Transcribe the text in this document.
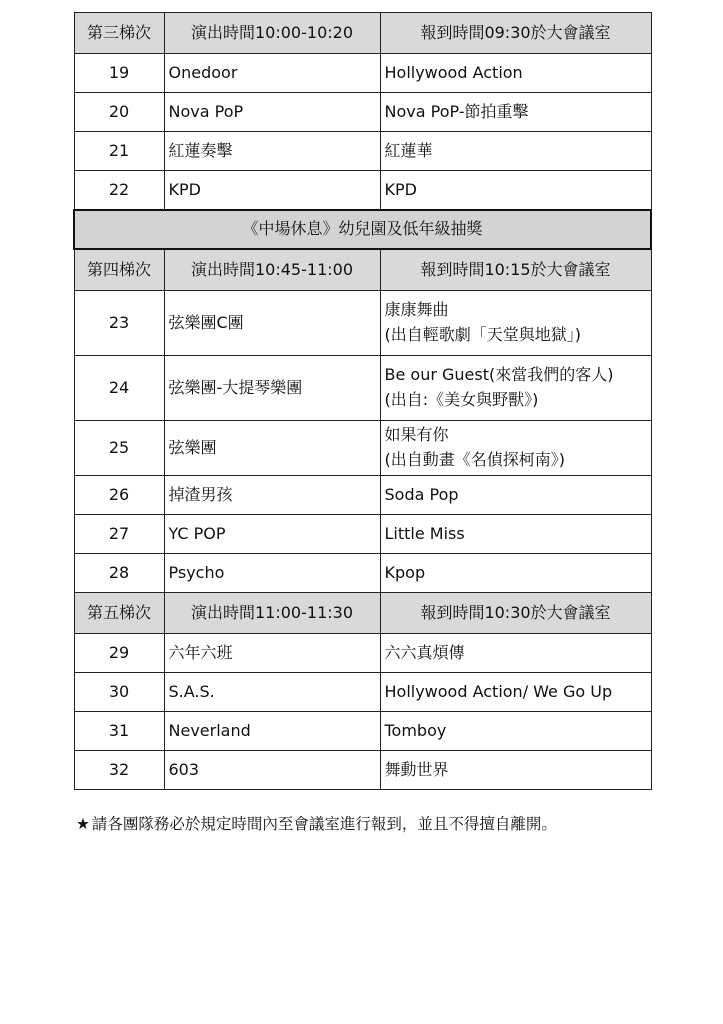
第三梯次	演出時間10:00-10:20	報到時間09:30於大會議室
19	Onedoor	Hollywood Action

20	Nova PoP	Nova PoP-節拍重擊

21	紅蓮奏擊	紅蓮華

22	KPD	KPD

《中場休息》幼兒園及低年級抽獎		
第四梯次	演出時間10:45-11:00	報到時間10:15於大會議室
23	弦樂團C團	康康舞曲
(出自輕歌劇「天堂與地獄」)

24	弦樂團-大提琴樂團	Be our Guest(來當我們的客人)
(出自:《美女與野獸》)

25	弦樂團	如果有你
(出自動畫《名偵探柯南》)

26	掉渣男孩	Soda Pop

27	YC POP	Little Miss

28	Psycho	Kpop

第五梯次	演出時間11:00-11:30	報到時間10:30於大會議室
29	六年六班	六六真煩傳

30	S.A.S.	Hollywood Action/ We Go Up

31	Neverland	Tomboy

32	603	舞動世界
★ 請各團隊務必於規定時間內至會議室進行報到，並且不得擅自離開。
